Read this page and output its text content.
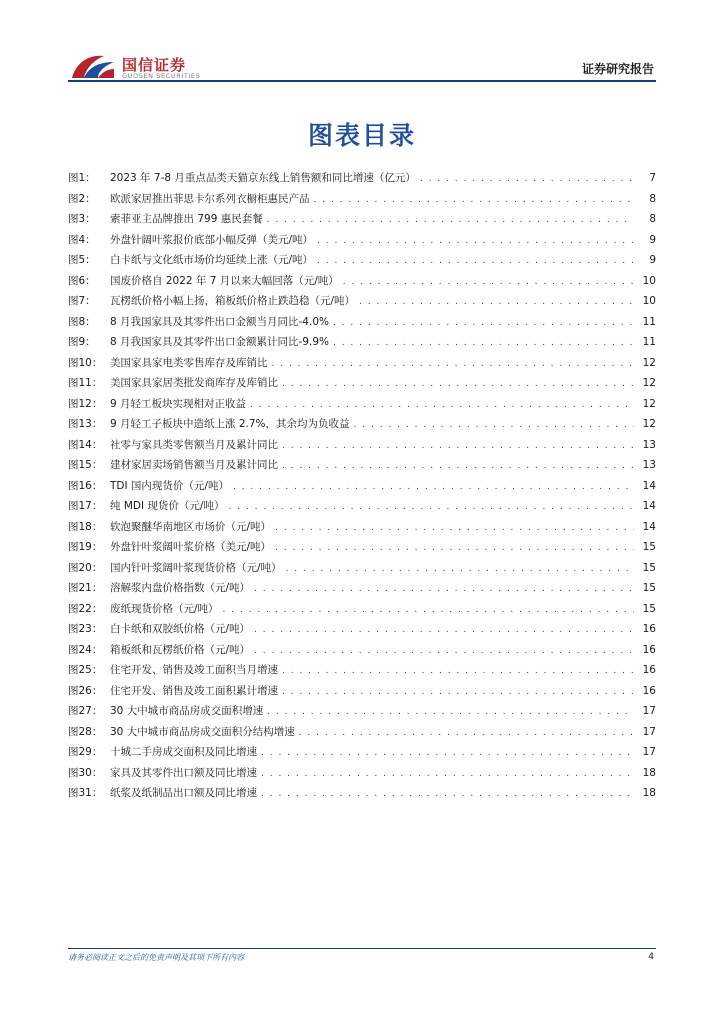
国信证券
GUOSEN SECURITIES	证券研究报告
图表目录
图1：	2023 年 7-8 月重点品类天猫京东线上销售额和同比增速（亿元） . . .	7
图2：	欧派家居推出菲思卡尔系列衣橱柜惠民产品 . . .	8
图3：	索菲亚主品牌推出 799 惠民套餐 . . .	8
图4：	外盘针阔叶浆报价底部小幅反弹（美元/吨） . . .	9
图5：	白卡纸与文化纸市场价均延续上涨（元/吨） . . .	9
图6：	国废价格自 2022 年 7 月以来大幅回落（元/吨） . . .	10
图7：	瓦楞纸价格小幅上扬，箱板纸价格止跌趋稳（元/吨） . . .	10
图8：	8 月我国家具及其零件出口金额当月同比-4.0% . . .	11
图9：	8 月我国家具及其零件出口金额累计同比-9.9% . . .	11
图10： 美国家具家电类零售库存及库销比 . . .	12
图11： 美国家具家居类批发商库存及库销比 . . .	12
图12： 9 月轻工板块实现相对正收益 . . .	12
图13： 9 月轻工子板块中造纸上涨 2.7%，其余均为负收益 . . .	12
图14： 社零与家具类零售额当月及累计同比 . . .	13
图15： 建材家居卖场销售额当月及累计同比 . . .	13
图16： TDI 国内现货价（元/吨） . . .	14
图17： 纯 MDI 现货价（元/吨） . . .	14
图18： 软泡聚醚华南地区市场价（元/吨） . . .	14
图19： 外盘针叶浆阔叶浆价格（美元/吨） . . .	15
图20： 国内针叶浆阔叶浆现货价格（元/吨） . . .	15
图21： 溶解浆内盘价格指数（元/吨） . . .	15
图22： 废纸现货价格（元/吨） . . .	15
图23： 白卡纸和双胶纸价格（元/吨） . . .	16
图24： 箱板纸和瓦楞纸价格（元/吨） . . .	16
图25： 住宅开发、销售及竣工面积当月增速 . . .	16
图26： 住宅开发、销售及竣工面积累计增速 . . .	16
图27： 30 大中城市商品房成交面积增速 . . .	17
图28： 30 大中城市商品房成交面积分结构增速 . . .	17
图29： 十城二手房成交面积及同比增速 . . .	17
图30： 家具及其零件出口额及同比增速 . . .	18
图31： 纸浆及纸制品出口额及同比增速 . . .	18
请务必阅读正文之后的免责声明及其项下所有内容	4
